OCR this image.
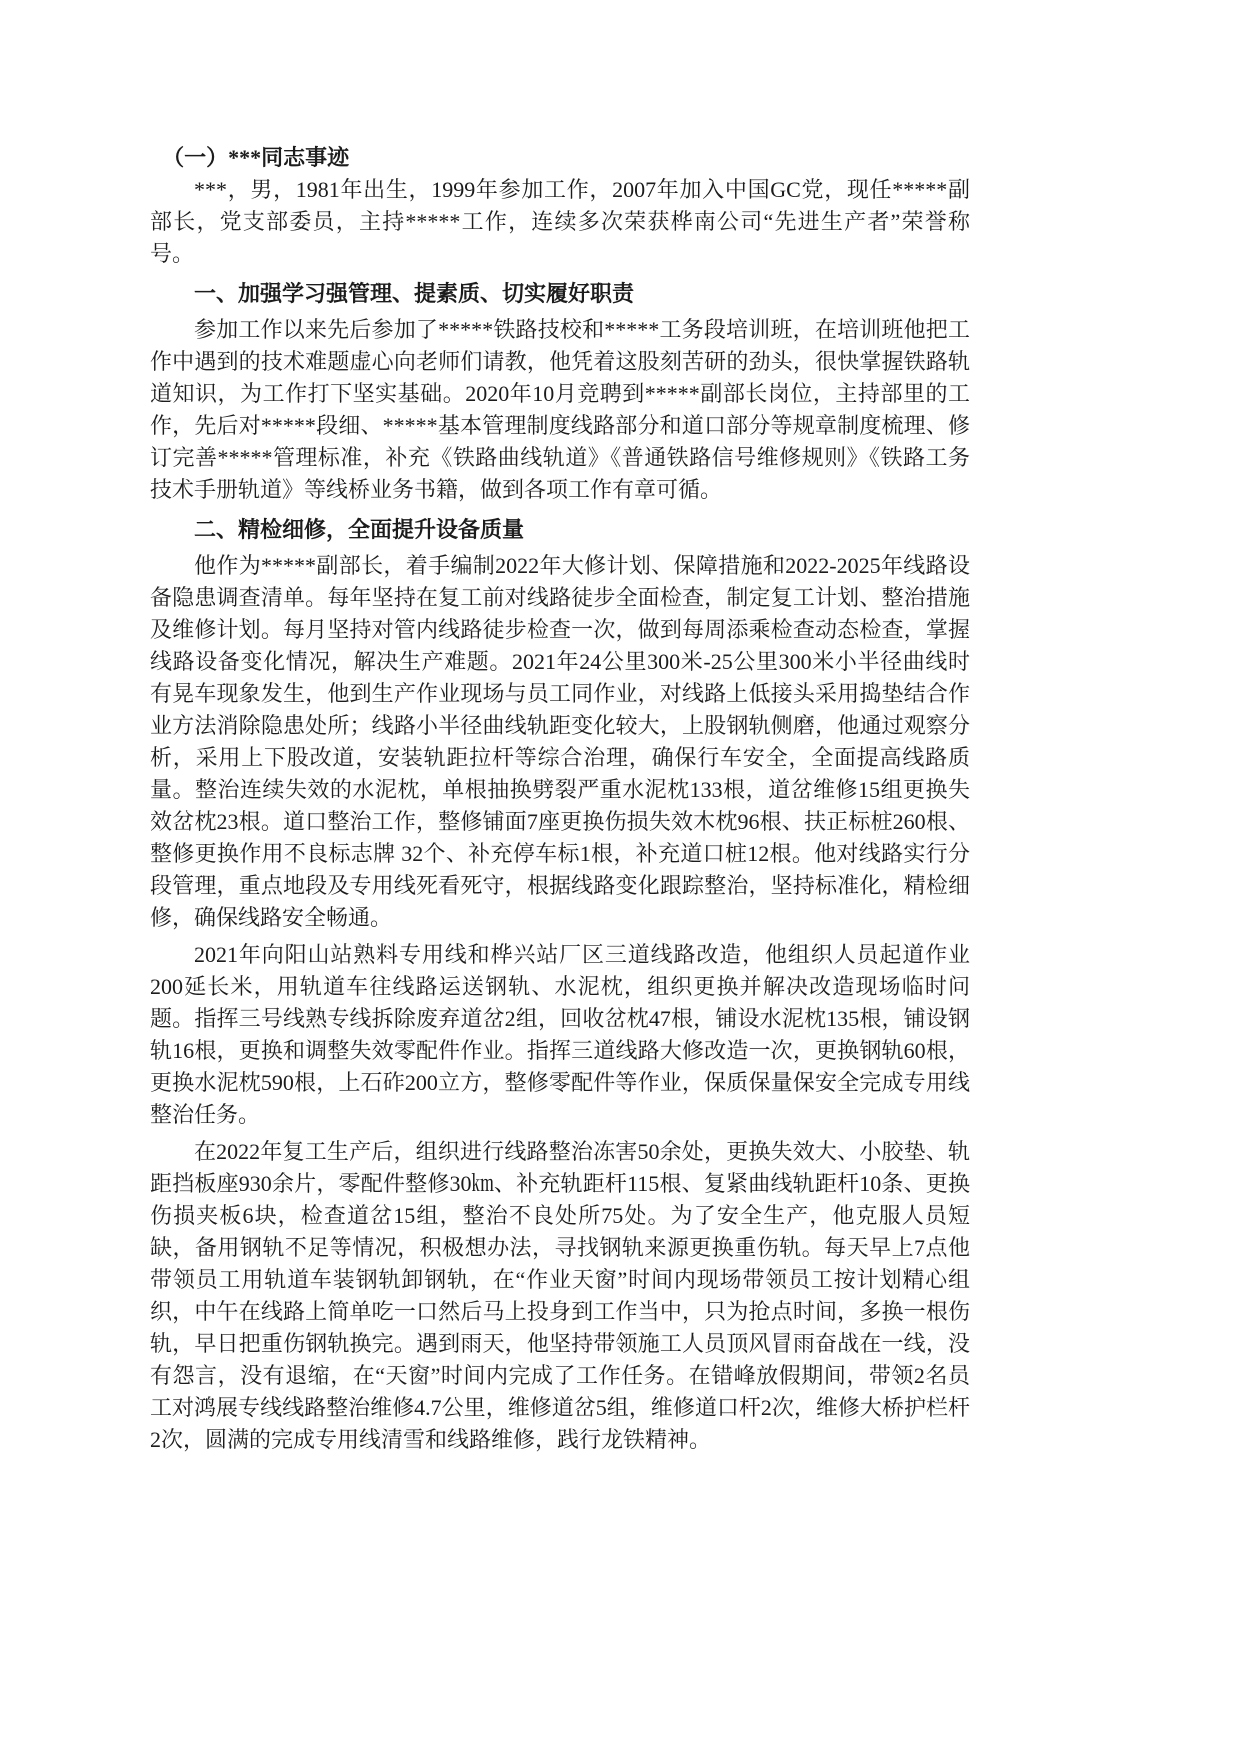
（一）***同志事迹

***，男，1981年出生，1999年参加工作，2007年加入中国GC党，现任*****副部长，党支部委员，主持*****工作，连续多次荣获桦南公司“先进生产者”荣誉称号。

一、加强学习强管理、提素质、切实履好职责

参加工作以来先后参加了*****铁路技校和*****工务段培训班，在培训班他把工作中遇到的技术难题虚心向老师们请教，他凭着这股刻苦研的劲头，很快掌握铁路轨道知识，为工作打下坚实基础。2020年10月竞聘到*****副部长岗位，主持部里的工作，先后对*****段细、*****基本管理制度线路部分和道口部分等规章制度梳理、修订完善*****管理标准，补充《铁路曲线轨道》《普通铁路信号维修规则》《铁路工务技术手册轨道》等线桥业务书籍，做到各项工作有章可循。

二、精检细修，全面提升设备质量

他作为*****副部长，着手编制2022年大修计划、保障措施和2022-2025年线路设备隐患调查清单。每年坚持在复工前对线路徒步全面检查，制定复工计划、整治措施及维修计划。每月坚持对管内线路徒步检查一次，做到每周添乘检查动态检查，掌握线路设备变化情况，解决生产难题。2021年24公里300米-25公里300米小半径曲线时有晃车现象发生，他到生产作业现场与员工同作业，对线路上低接头采用捣垫结合作业方法消除隐患处所；线路小半径曲线轨距变化较大，上股钢轨侧磨，他通过观察分析，采用上下股改道，安装轨距拉杆等综合治理，确保行车安全，全面提高线路质量。整治连续失效的水泥枕，单根抽换劈裂严重水泥枕133根，道岔维修15组更换失效岔枕23根。道口整治工作，整修铺面7座更换伤损失效木枕96根、扶正标桩260根、整修更换作用不良标志牌 32个、补充停车标1根，补充道口桩12根。他对线路实行分段管理，重点地段及专用线死看死守，根据线路变化跟踪整治，坚持标准化，精检细修，确保线路安全畅通。

2021年向阳山站熟料专用线和桦兴站厂区三道线路改造，他组织人员起道作业200延长米，用轨道车往线路运送钢轨、水泥枕，组织更换并解决改造现场临时问题。指挥三号线熟专线拆除废弃道岔2组，回收岔枕47根，铺设水泥枕135根，铺设钢轨16根，更换和调整失效零配件作业。指挥三道线路大修改造一次，更换钢轨60根，更换水泥枕590根，上石砟200立方，整修零配件等作业，保质保量保安全完成专用线整治任务。

在2022年复工生产后，组织进行线路整治冻害50余处，更换失效大、小胶垫、轨距挡板座930余片，零配件整修30㎞、补充轨距杆115根、复紧曲线轨距杆10条、更换伤损夹板6块，检查道岔15组，整治不良处所75处。为了安全生产，他克服人员短缺，备用钢轨不足等情况，积极想办法，寻找钢轨来源更换重伤轨。每天早上7点他带领员工用轨道车装钢轨卸钢轨，在“作业天窗”时间内现场带领员工按计划精心组织，中午在线路上简单吃一口然后马上投身到工作当中，只为抢点时间，多换一根伤轨，早日把重伤钢轨换完。遇到雨天，他坚持带领施工人员顶风冒雨奋战在一线，没有怨言，没有退缩，在“天窗”时间内完成了工作任务。在错峰放假期间，带领2名员工对鸿展专线线路整治维修4.7公里，维修道岔5组，维修道口杆2次，维修大桥护栏杆2次，圆满的完成专用线清雪和线路维修，践行龙铁精神。
